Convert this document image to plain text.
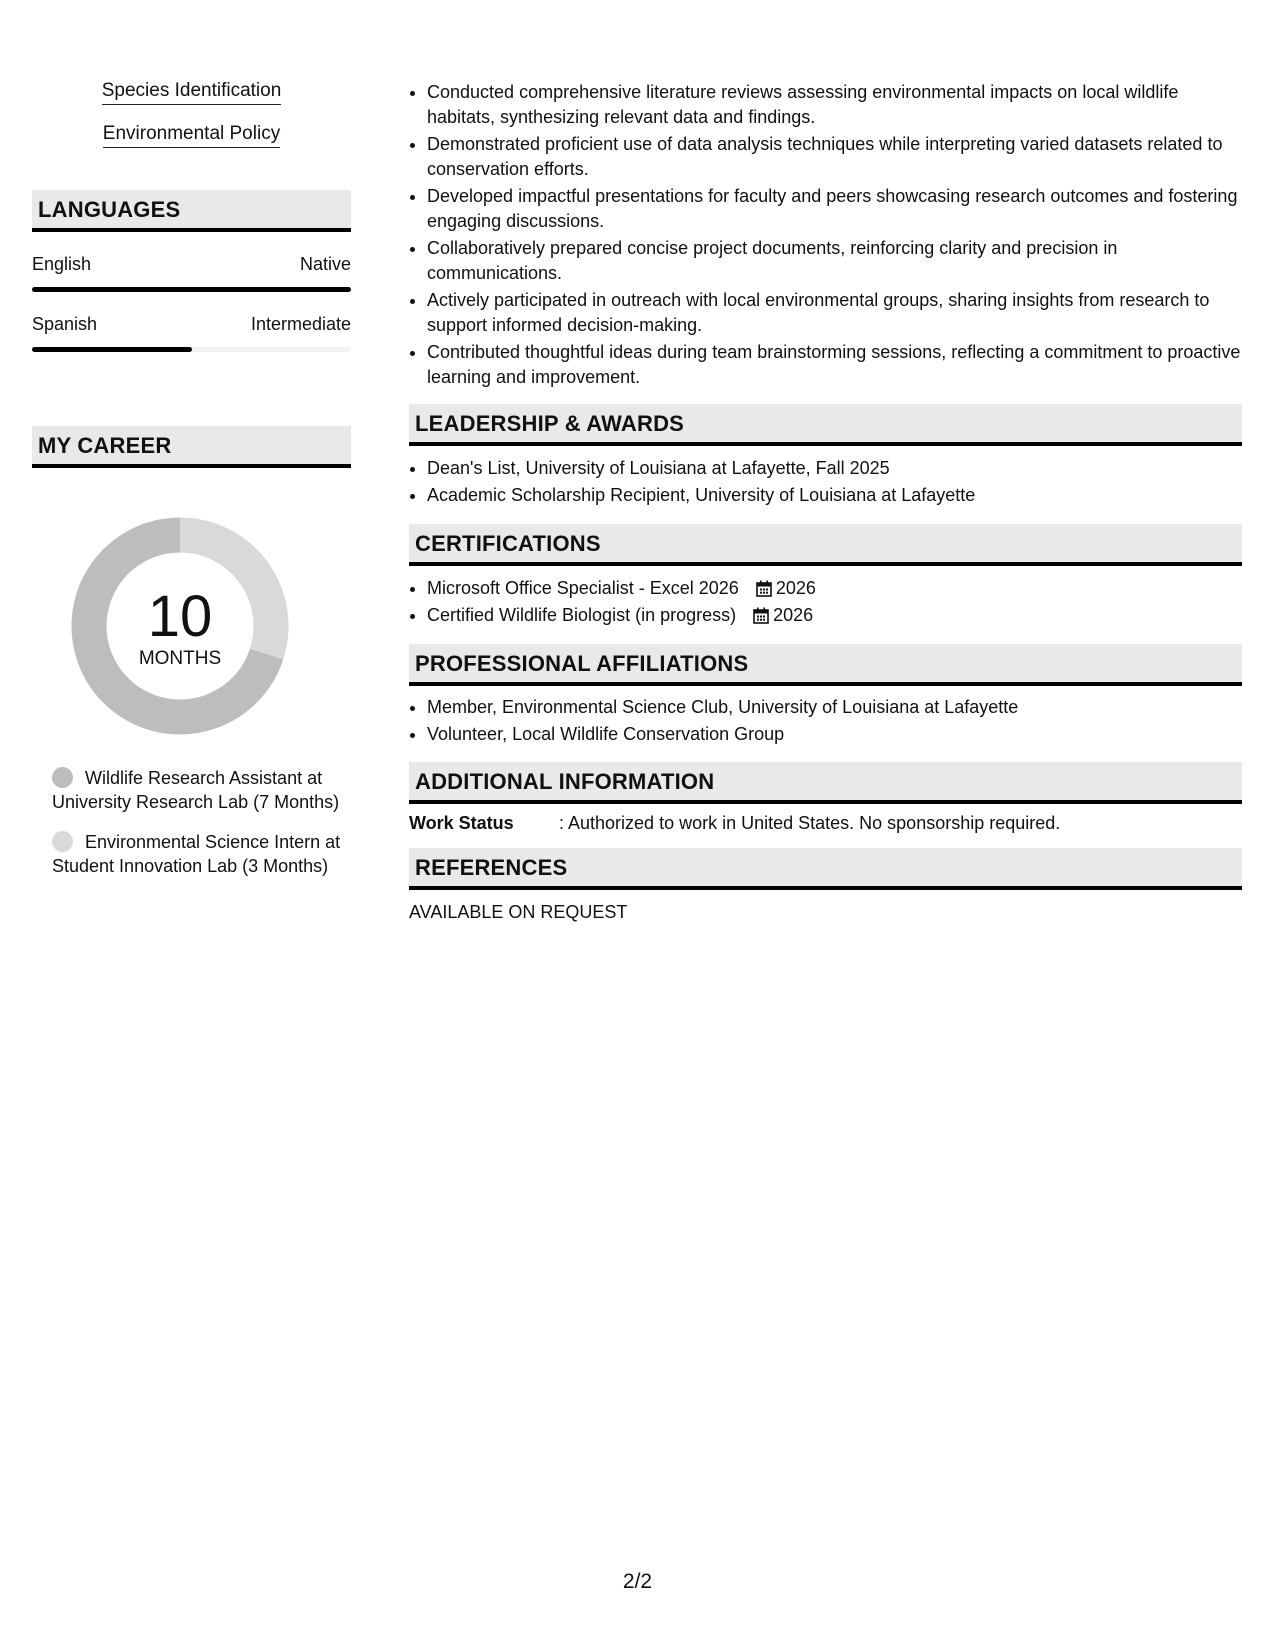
Species Identification
Environmental Policy
LANGUAGES
English	Native
Spanish	Intermediate
MY CAREER
10
MONTHS
Wildlife Research Assistant at University Research Lab (7 Months)
Environmental Science Intern at Student Innovation Lab (3 Months)
• Conducted comprehensive literature reviews assessing environmental impacts on local wildlife habitats, synthesizing relevant data and findings.
• Demonstrated proficient use of data analysis techniques while interpreting varied datasets related to conservation efforts.
• Developed impactful presentations for faculty and peers showcasing research outcomes and fostering engaging discussions.
• Collaboratively prepared concise project documents, reinforcing clarity and precision in communications.
• Actively participated in outreach with local environmental groups, sharing insights from research to support informed decision-making.
• Contributed thoughtful ideas during team brainstorming sessions, reflecting a commitment to proactive learning and improvement.
LEADERSHIP & AWARDS
• Dean's List, University of Louisiana at Lafayette, Fall 2025
• Academic Scholarship Recipient, University of Louisiana at Lafayette
CERTIFICATIONS
• Microsoft Office Specialist - Excel 2026 2026
• Certified Wildlife Biologist (in progress) 2026
PROFESSIONAL AFFILIATIONS
• Member, Environmental Science Club, University of Louisiana at Lafayette
• Volunteer, Local Wildlife Conservation Group
ADDITIONAL INFORMATION
Work Status	: Authorized to work in United States. No sponsorship required.
REFERENCES
AVAILABLE ON REQUEST
2/2
